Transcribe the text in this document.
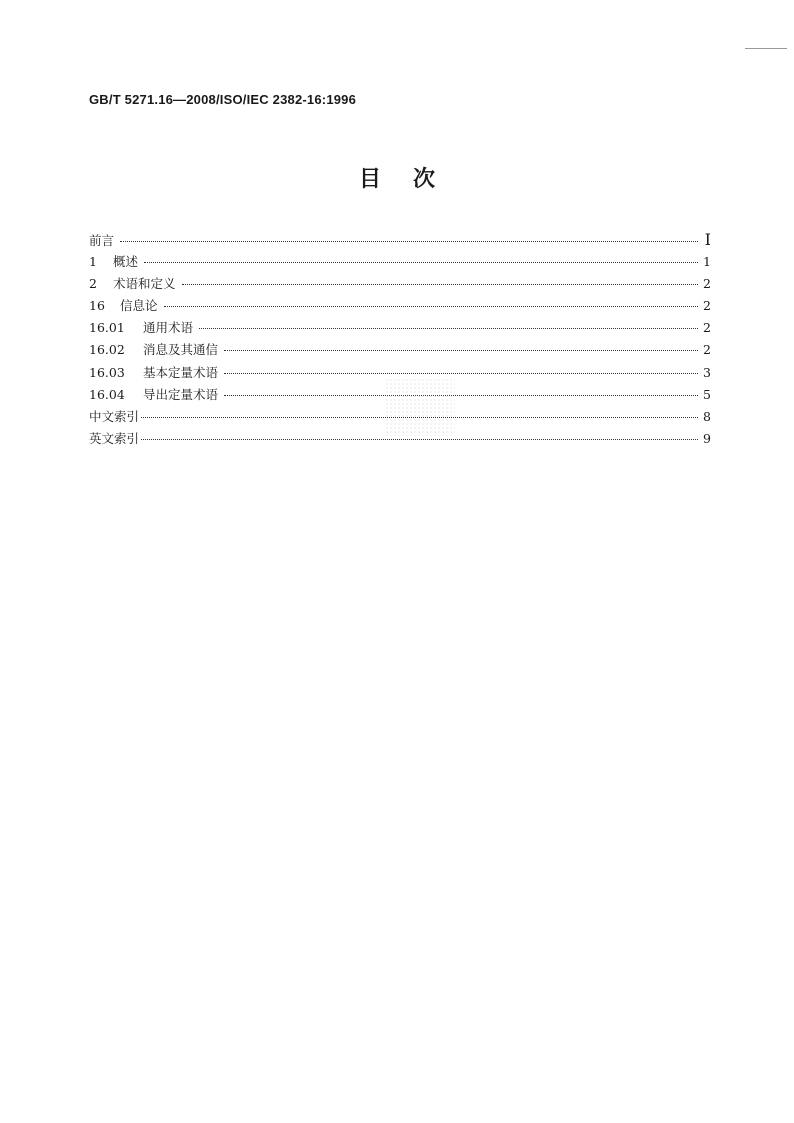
GB/T 5271.16—2008/ISO/IEC 2382-16:1996
目 次
前言	I
1	概述	1
2	术语和定义	2
16	信息论	2
16.01	通用术语	2
16.02	消息及其通信	2
16.03	基本定量术语	3
16.04	导出定量术语	5
中文索引	8
英文索引	9
